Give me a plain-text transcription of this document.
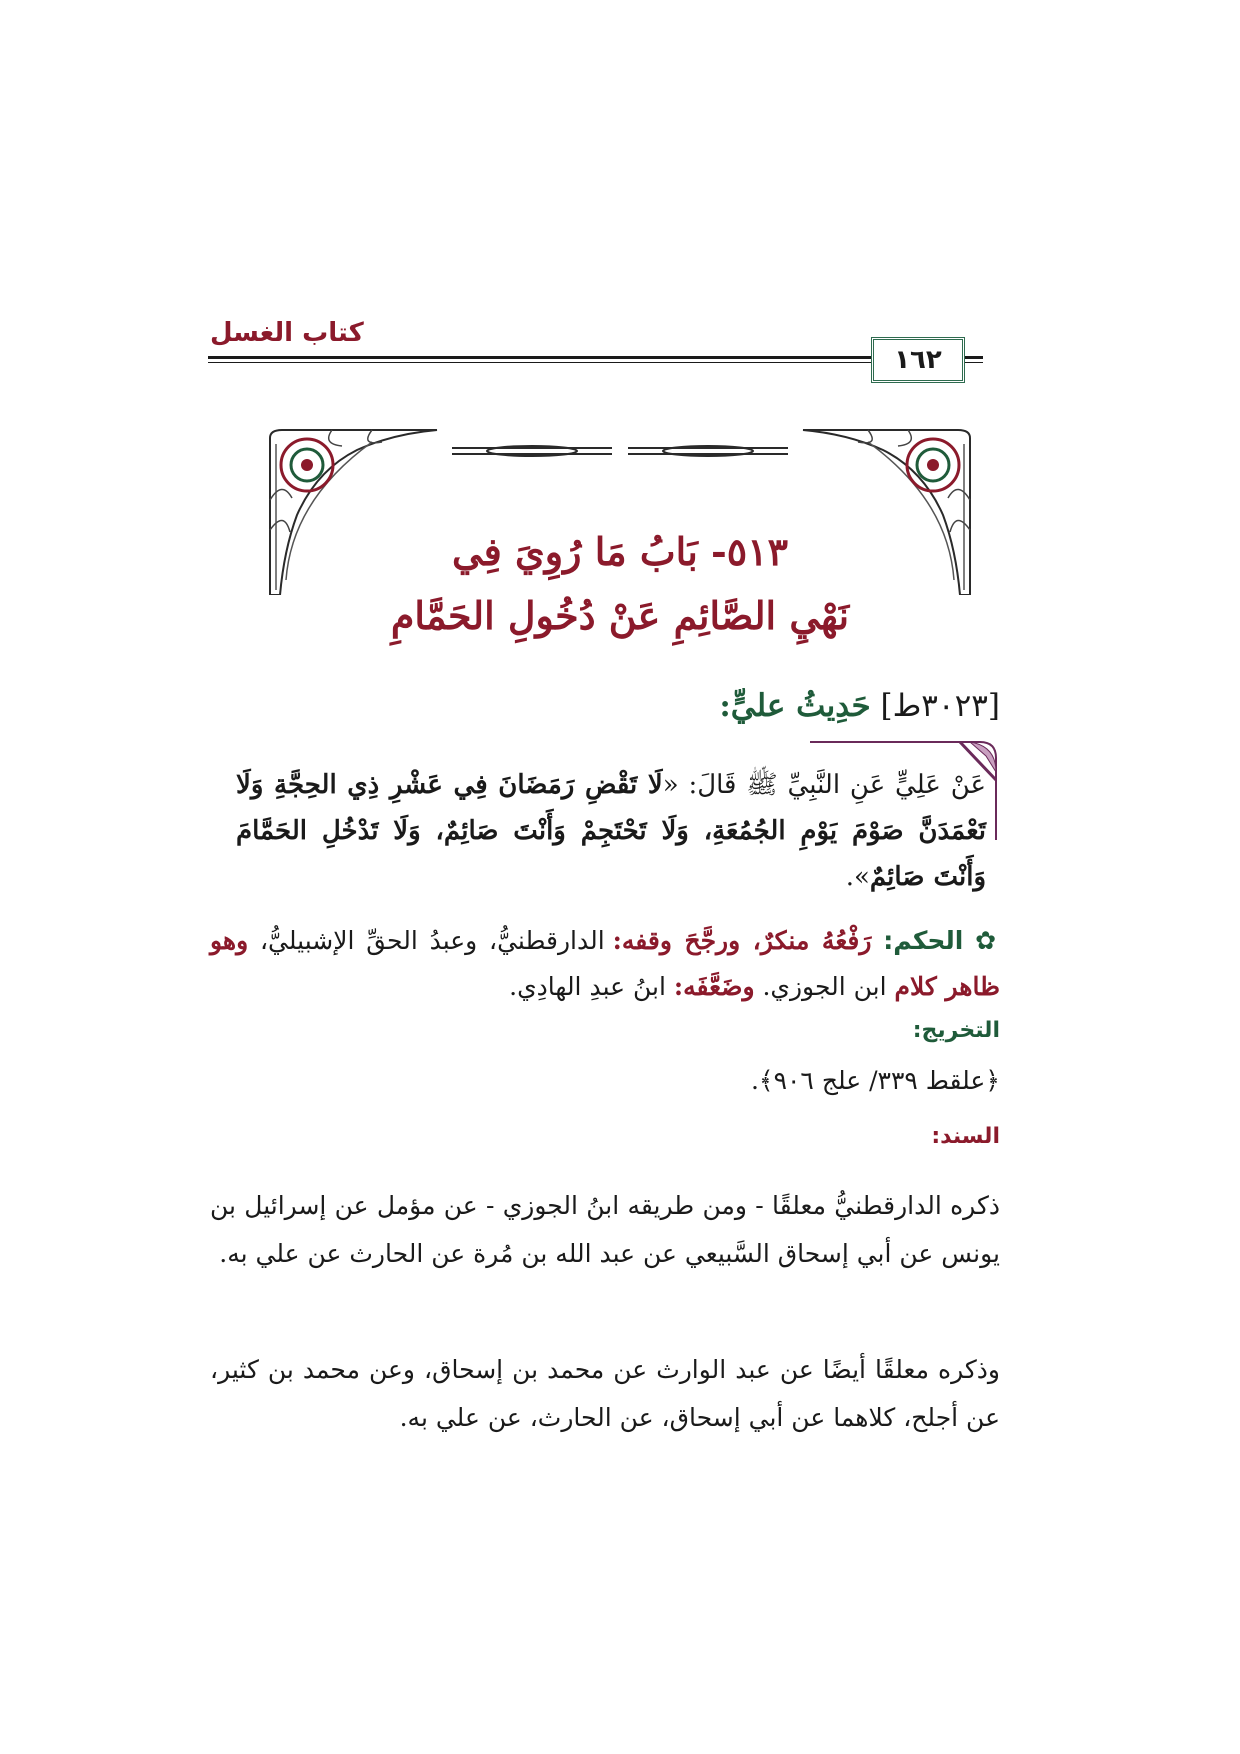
كتاب الغسل
١٦٢
٥١٣- بَابُ مَا رُوِيَ فِي
نَهْيِ الصَّائِمِ عَنْ دُخُولِ الحَمَّامِ
[٣٠٢٣ط] حَدِيثُ عليٍّ:
عَنْ عَلِيٍّ عَنِ النَّبِيِّ ﷺ قَالَ: «لَا تَقْضِ رَمَضَانَ فِي عَشْرِ ذِي الحِجَّةِ وَلَا تَعْمَدَنَّ صَوْمَ يَوْمِ الجُمُعَةِ، وَلَا تَحْتَجِمْ وَأَنْتَ صَائِمٌ، وَلَا تَدْخُلِ الحَمَّامَ وَأَنْتَ صَائِمٌ».
✿ الحكم: رَفْعُهُ منكرٌ، ورجَّحَ وقفه: الدارقطنيُّ، وعبدُ الحقِّ الإشبيليُّ، وهو ظاهر كلام ابن الجوزي. وضَعَّفَه: ابنُ عبدِ الهادِي.
التخريج:
﴿علقط ٣٣٩/ علج ٩٠٦﴾.
السند:
ذكره الدارقطنيُّ معلقًا - ومن طريقه ابنُ الجوزي - عن مؤمل عن إسرائيل بن يونس عن أبي إسحاق السَّبيعي عن عبد الله بن مُرة عن الحارث عن علي به.
وذكره معلقًا أيضًا عن عبد الوارث عن محمد بن إسحاق، وعن محمد بن كثير، عن أجلح، كلاهما عن أبي إسحاق، عن الحارث، عن علي به.
